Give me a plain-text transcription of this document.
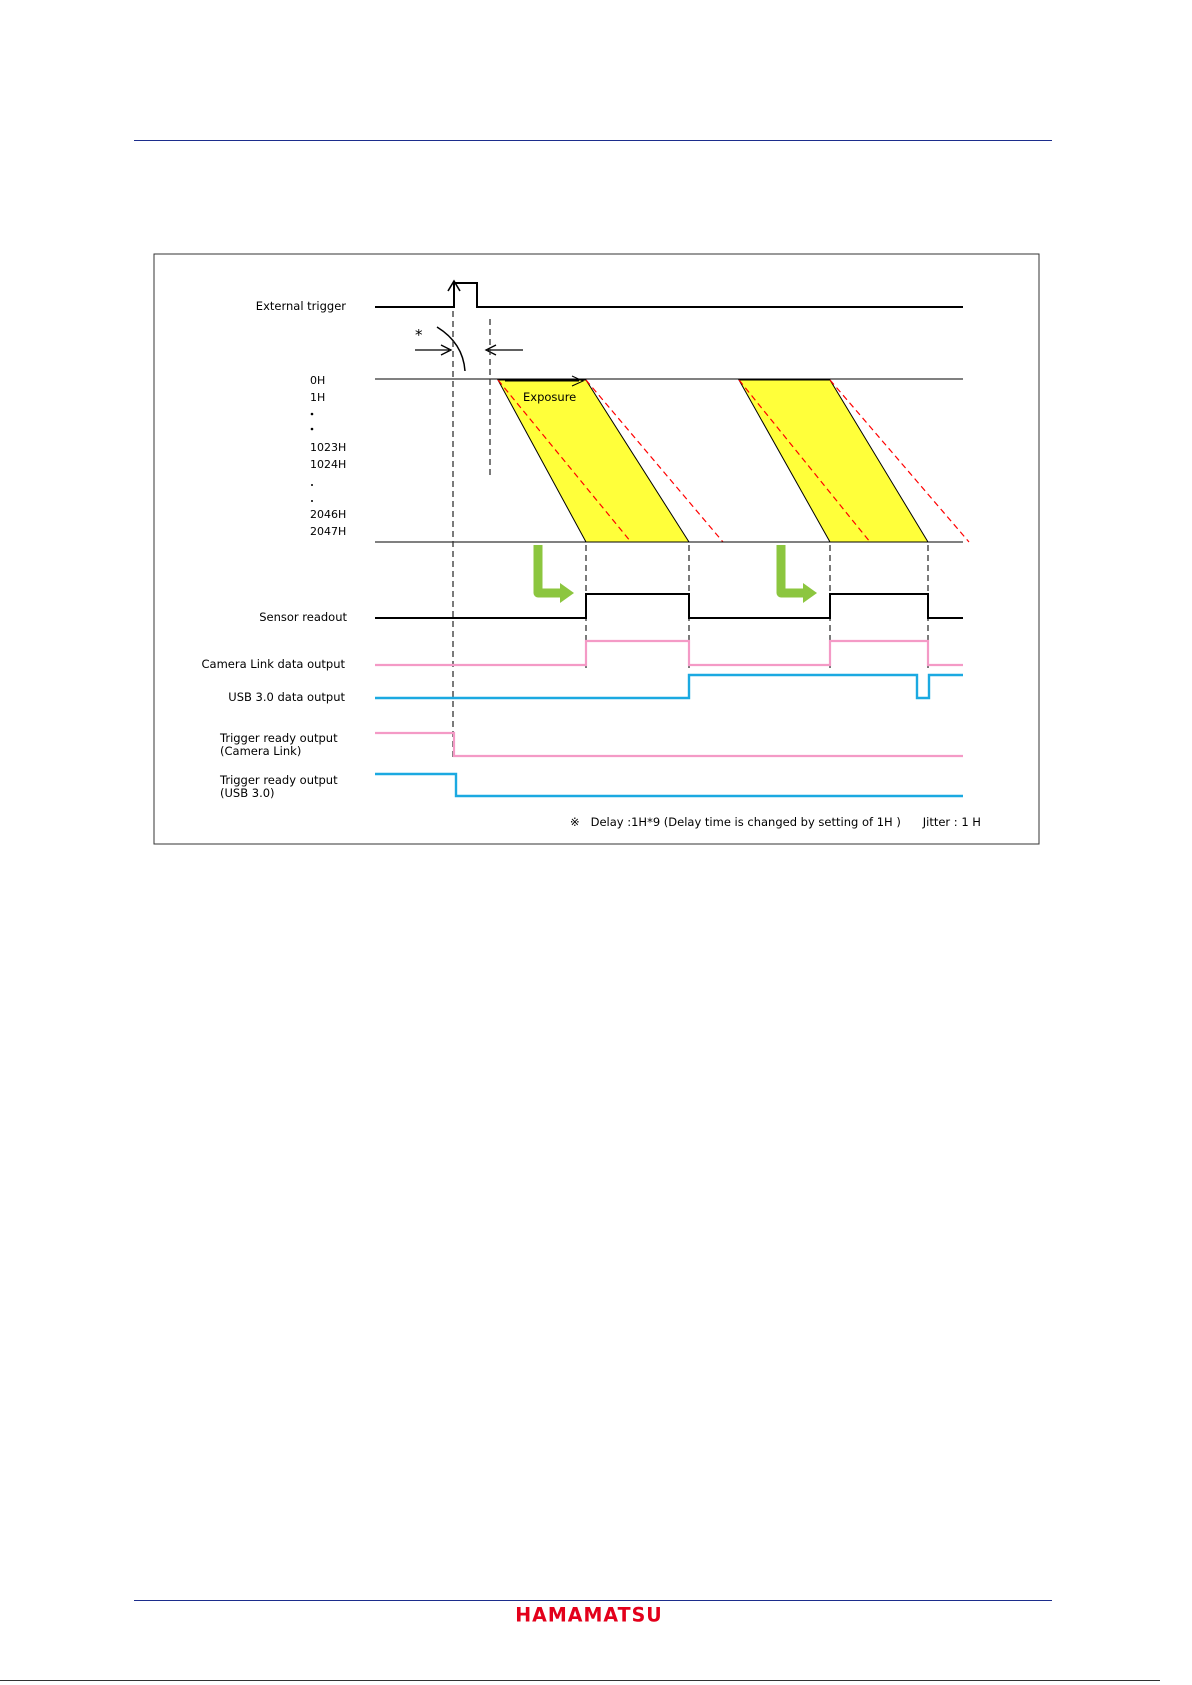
External trigger
*
0H
1H
1023H
1024H
2046H
2047H
Exposure
Sensor readout
Camera Link data output
USB 3.0 data output
Trigger ready output
(Camera Link)
Trigger ready output
(USB 3.0)
※   Delay :1H*9 (Delay time is changed by setting of 1H )      Jitter : 1 H
HAMAMATSU
